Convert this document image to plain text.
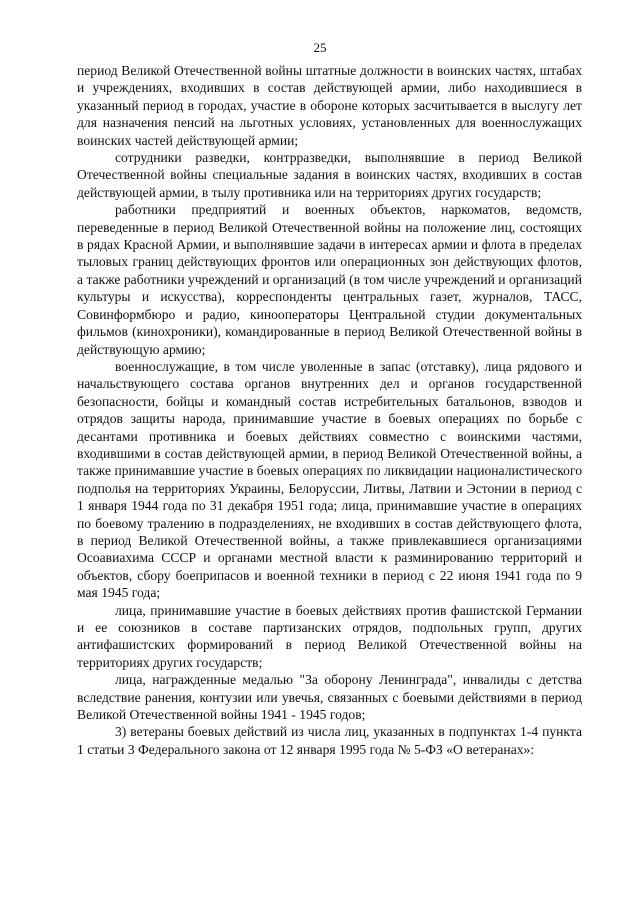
25

период Великой Отечественной войны штатные должности в воинских частях, штабах и учреждениях, входивших в состав действующей армии, либо находившиеся в указанный период в городах, участие в обороне которых засчитывается в выслугу лет для назначения пенсий на льготных условиях, установленных для военнослужащих воинских частей действующей армии;

сотрудники разведки, контрразведки, выполнявшие в период Великой Отечественной войны специальные задания в воинских частях, входивших в состав действующей армии, в тылу противника или на территориях других государств;

работники предприятий и военных объектов, наркоматов, ведомств, переведенные в период Великой Отечественной войны на положение лиц, состоящих в рядах Красной Армии, и выполнявшие задачи в интересах армии и флота в пределах тыловых границ действующих фронтов или операционных зон действующих флотов, а также работники учреждений и организаций (в том числе учреждений и организаций культуры и искусства), корреспонденты центральных газет, журналов, ТАСС, Совинформбюро и радио, кинооператоры Центральной студии документальных фильмов (кинохроники), командированные в период Великой Отечественной войны в действующую армию;

военнослужащие, в том числе уволенные в запас (отставку), лица рядового и начальствующего состава органов внутренних дел и органов государственной безопасности, бойцы и командный состав истребительных батальонов, взводов и отрядов защиты народа, принимавшие участие в боевых операциях по борьбе с десантами противника и боевых действиях совместно с воинскими частями, входившими в состав действующей армии, в период Великой Отечественной войны, а также принимавшие участие в боевых операциях по ликвидации националистического подполья на территориях Украины, Белоруссии, Литвы, Латвии и Эстонии в период с 1 января 1944 года по 31 декабря 1951 года; лица, принимавшие участие в операциях по боевому тралению в подразделениях, не входивших в состав действующего флота, в период Великой Отечественной войны, а также привлекавшиеся организациями Осоавиахима СССР и органами местной власти к разминированию территорий и объектов, сбору боеприпасов и военной техники в период с 22 июня 1941 года по 9 мая 1945 года;

лица, принимавшие участие в боевых действиях против фашистской Германии и ее союзников в составе партизанских отрядов, подпольных групп, других антифашистских формирований в период Великой Отечественной войны на территориях других государств;

лица, награжденные медалью "За оборону Ленинграда", инвалиды с детства вследствие ранения, контузии или увечья, связанных с боевыми действиями в период Великой Отечественной войны 1941 - 1945 годов;

3) ветераны боевых действий из числа лиц, указанных в подпунктах 1-4 пункта 1 статьи 3 Федерального закона от 12 января 1995 года № 5-ФЗ «О ветеранах»:
